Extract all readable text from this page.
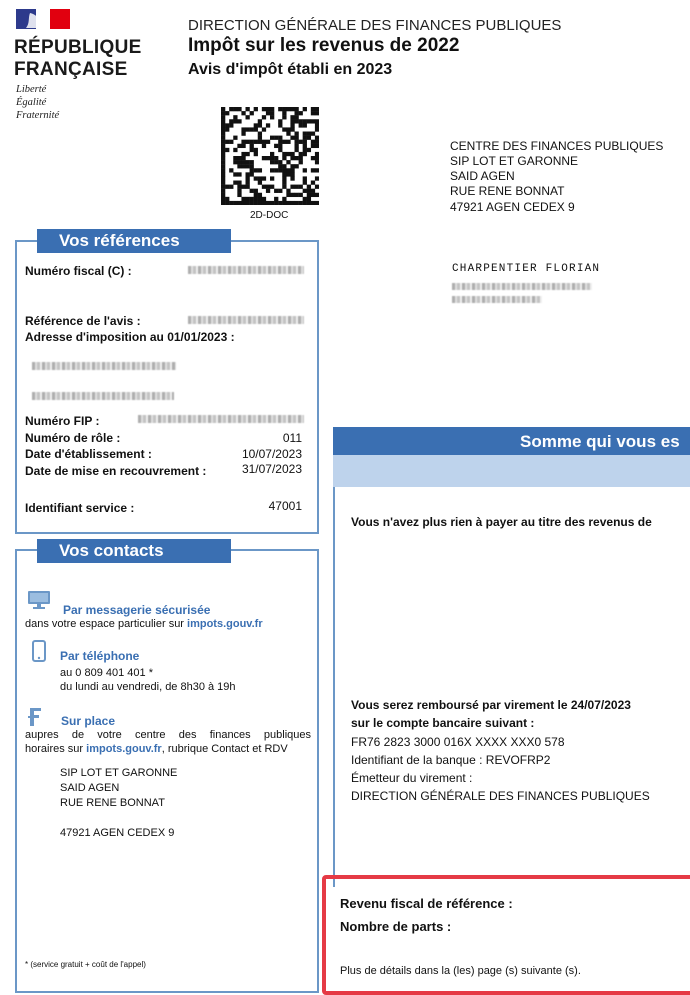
RÉPUBLIQUE
FRANÇAISE
Liberté
Égalité
Fraternité
DIRECTION GÉNÉRALE DES FINANCES PUBLIQUES
Impôt sur les revenus de 2022
Avis d'impôt établi en 2023
2D-DOC
CENTRE DES FINANCES PUBLIQUES
SIP LOT ET GARONNE
SAID AGEN
RUE RENE BONNAT
47921 AGEN CEDEX 9
CHARPENTIER FLORIAN
Vos références
Numéro fiscal (C) :
Référence de l'avis :
Adresse d'imposition au 01/01/2023 :
Numéro FIP :
Numéro de rôle :	011
Date d'établissement :	10/07/2023
Date de mise en recouvrement :	31/07/2023
Identifiant service :	47001
Vos contacts
Par messagerie sécurisée
dans votre espace particulier sur impots.gouv.fr
Par téléphone
au 0 809 401 401 *
du lundi au vendredi, de 8h30 à 19h
Sur place
aupres de votre centre des finances publiques
horaires sur impots.gouv.fr, rubrique Contact et RDV
SIP LOT ET GARONNE
SAID AGEN
RUE RENE BONNAT
47921 AGEN CEDEX 9
* (service gratuit + coût de l'appel)
Somme qui vous es
Vous n'avez plus rien à payer au titre des revenus de
Vous serez remboursé par virement le 24/07/2023
sur le compte bancaire suivant :
FR76 2823 3000 016X XXXX XXX0 578
Identifiant de la banque : REVOFRP2
Émetteur du virement :
DIRECTION GÉNÉRALE DES FINANCES PUBLIQUES
Revenu fiscal de référence :
Nombre de parts :
Plus de détails dans la (les) page (s) suivante (s).
